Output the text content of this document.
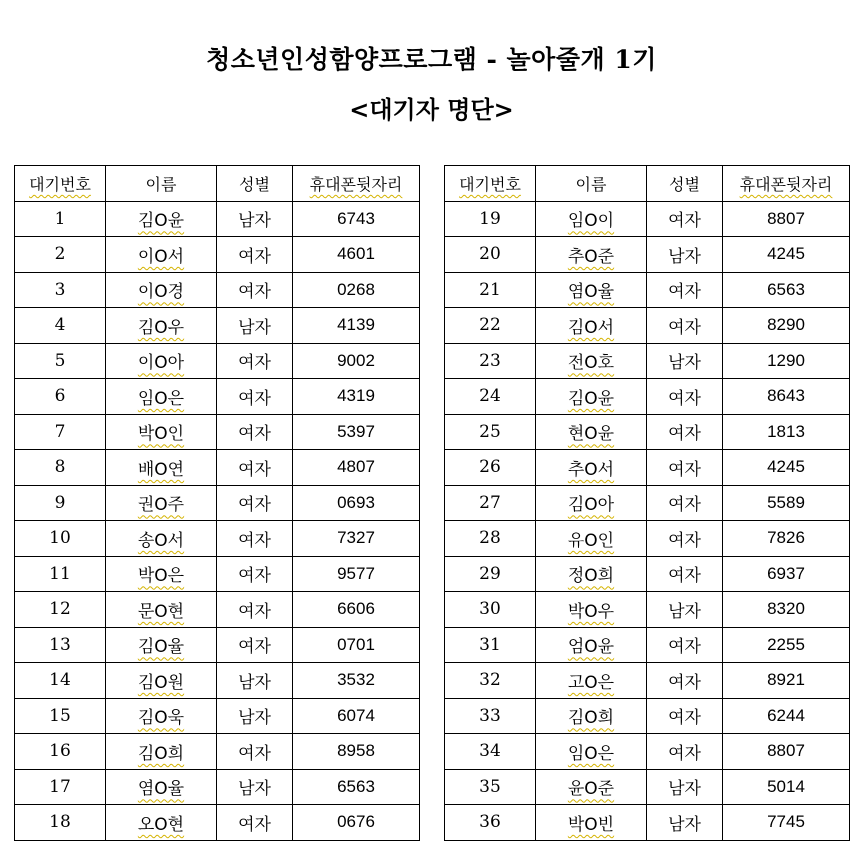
청소년인성함양프로그램 - 놀아줄개 1기
<대기자 명단>
대기번호	이름	성별	휴대폰뒷자리
1	김O윤	남자	6743
2	이O서	여자	4601
3	이O경	여자	0268
4	김O우	남자	4139
5	이O아	여자	9002
6	임O은	여자	4319
7	박O인	여자	5397
8	배O연	여자	4807
9	권O주	여자	0693
10	송O서	여자	7327
11	박O은	여자	9577
12	문O현	여자	6606
13	김O율	여자	0701
14	김O원	남자	3532
15	김O욱	남자	6074
16	김O희	여자	8958
17	염O율	남자	6563
18	오O현	여자	0676
대기번호	이름	성별	휴대폰뒷자리
19	임O이	여자	8807
20	추O준	남자	4245
21	염O율	여자	6563
22	김O서	여자	8290
23	전O호	남자	1290
24	김O윤	여자	8643
25	현O윤	여자	1813
26	추O서	여자	4245
27	김O아	여자	5589
28	유O인	여자	7826
29	정O희	여자	6937
30	박O우	남자	8320
31	엄O윤	여자	2255
32	고O은	여자	8921
33	김O희	여자	6244
34	임O은	여자	8807
35	윤O준	남자	5014
36	박O빈	남자	7745
